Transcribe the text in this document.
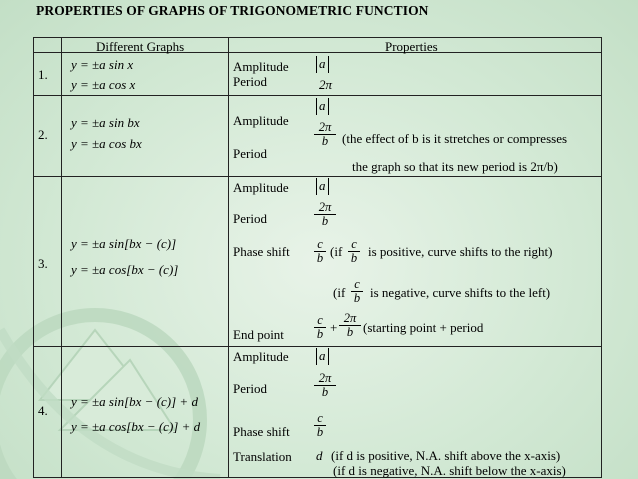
PROPERTIES OF GRAPHS OF TRIGONOMETRIC FUNCTION
Different Graphs	Properties
1.
y = ±a sin x
y = ±a cos x
Amplitude
Period
a
2π
2.
y = ±a sin bx
y = ±a cos bx
Amplitude
Period
a
$\frac{2\pi}{b} (the$ effect of b is it stretches or compresses
the graph so that its new period is 2π/b)
3.
y = ±a sin[bx − (c)]
y = ±a cos[bx − (c)]
Amplitude
Period
Phase shift
End point
a
$\frac{2\pi}{b}$
$\frac{c}{b} (if \frac{c}{b}$ is positive, curve shifts to the right)
($if \frac{c}{b}$ is negative, curve shifts to the left)
$\frac{c}{b} + \frac{2\pi}{b}$ (starting point + period
4.
y = ±a sin[bx − (c)] + d
y = ±a cos[bx − (c)] + d
Amplitude
Period
Phase shift
Translation
a
$\frac{2\pi}{b}$
$\frac{c}{b}$
d (if d is positive, N.A. shift above the x-axis)
(if d is negative, N.A. shift below the x-axis)
